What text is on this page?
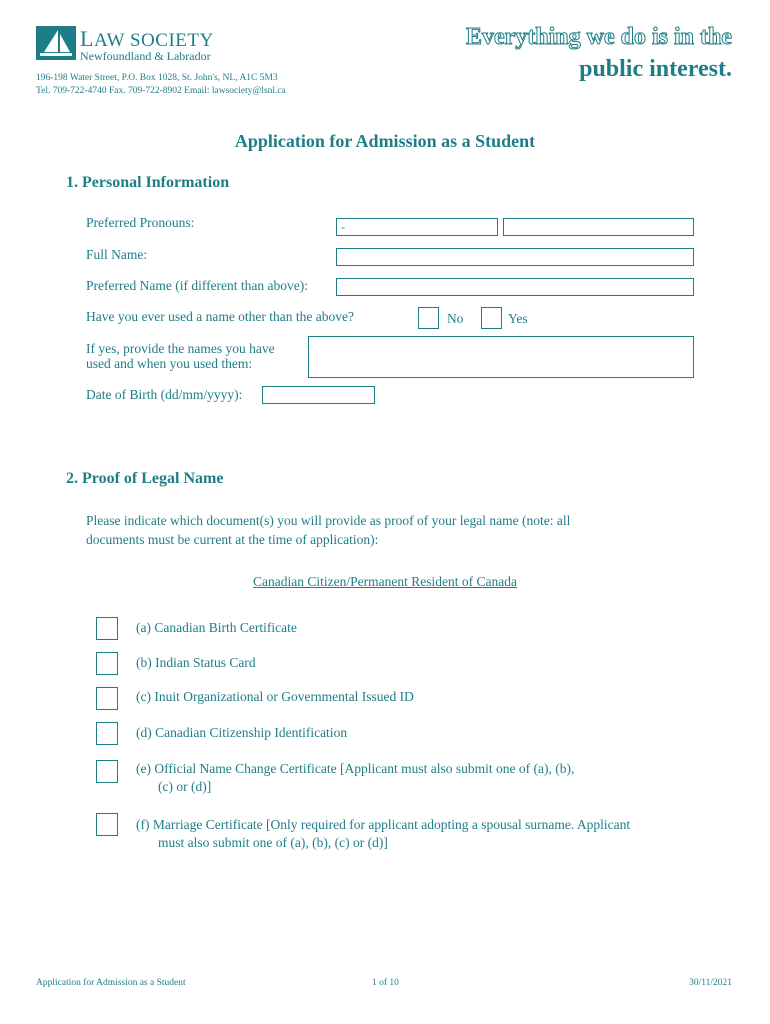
LAW SOCIETY
Newfoundland & Labrador
196-198 Water Street, P.O. Box 1028, St. John's, NL, A1C 5M3
Tel. 709-722-4740 Fax. 709-722-8902 Email: lawsociety@lsnl.ca
Everything we do is in the
public interest.
Application for Admission as a Student
1. Personal Information
Preferred Pronouns:	-
Full Name:
Preferred Name (if different than above):
Have you ever used a name other than the above?	No	Yes
If yes, provide the names you have
used and when you used them:
Date of Birth (dd/mm/yyyy):
2. Proof of Legal Name
Please indicate which document(s) you will provide as proof of your legal name (note: all
documents must be current at the time of application):
Canadian Citizen/Permanent Resident of Canada
(a) Canadian Birth Certificate
(b) Indian Status Card
(c) Inuit Organizational or Governmental Issued ID
(d) Canadian Citizenship Identification
(e) Official Name Change Certificate [Applicant must also submit one of (a), (b),
(c) or (d)]
(f) Marriage Certificate [Only required for applicant adopting a spousal surname. Applicant
must also submit one of (a), (b), (c) or (d)]
Application for Admission as a Student	1 of 10	30/11/2021
